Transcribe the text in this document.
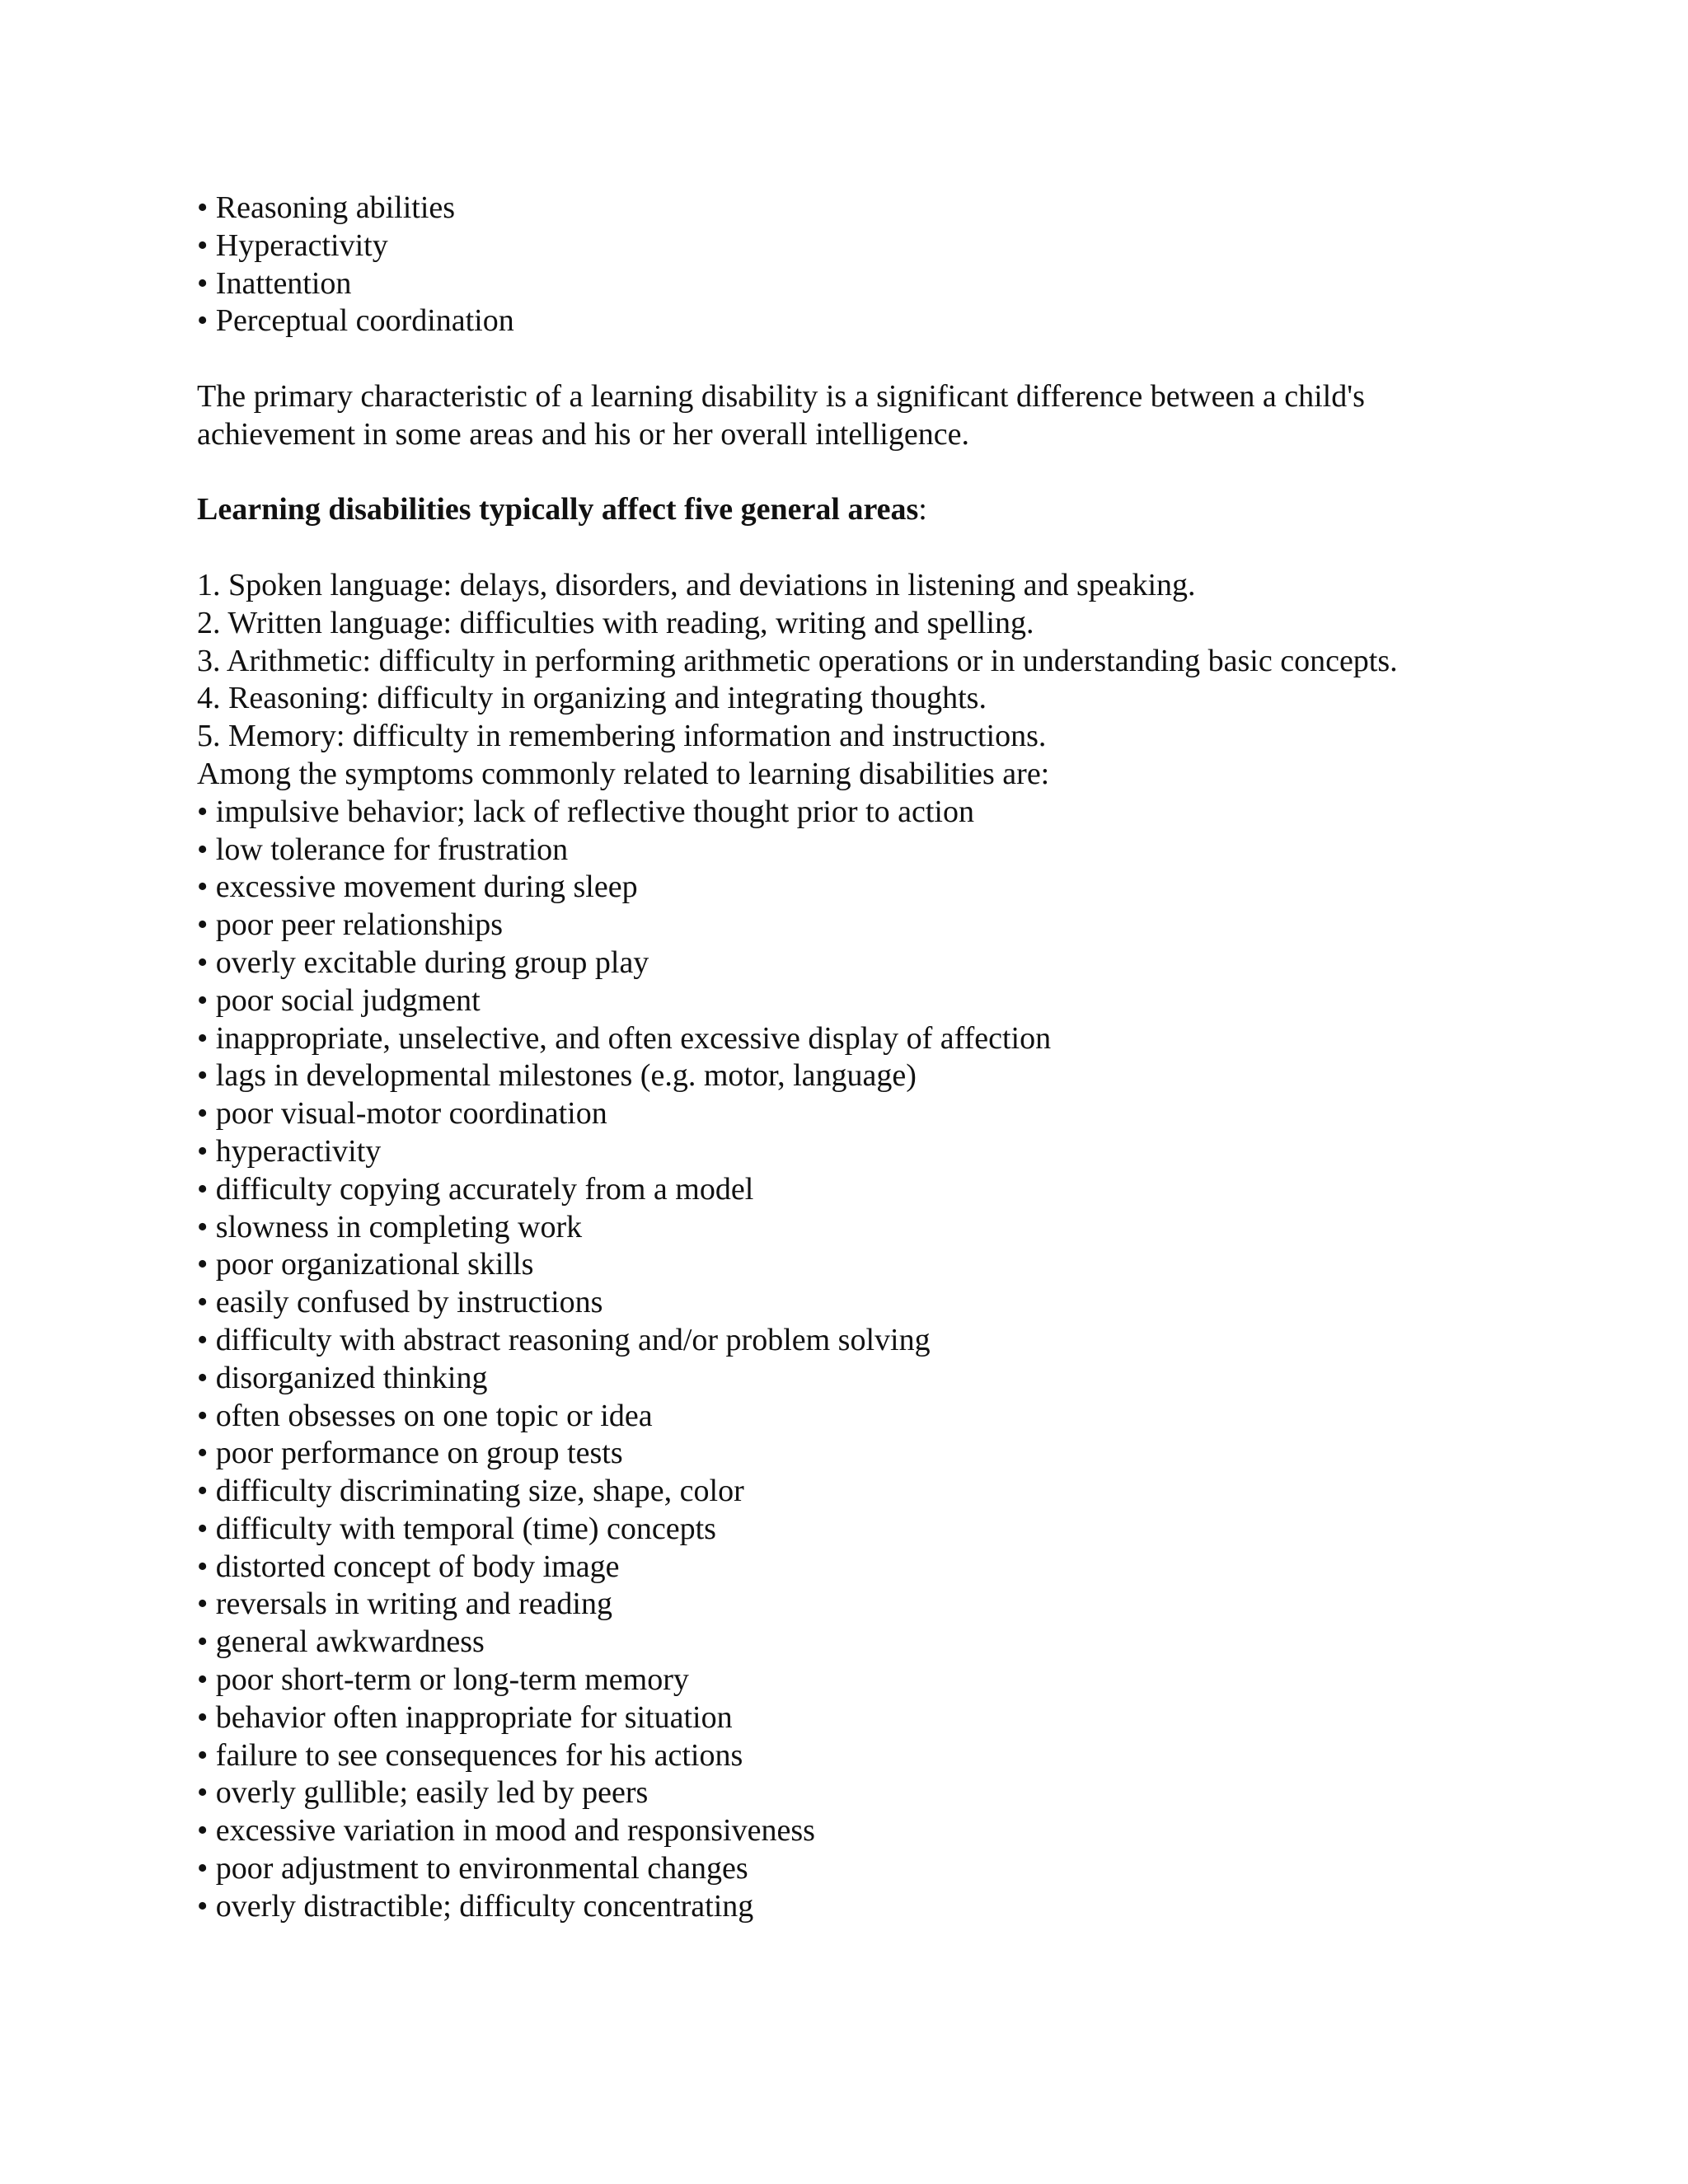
• Reasoning abilities
• Hyperactivity
• Inattention
• Perceptual coordination
The primary characteristic of a learning disability is a significant difference between a child's
achievement in some areas and his or her overall intelligence.
Learning disabilities typically affect five general areas:
1. Spoken language: delays, disorders, and deviations in listening and speaking.
2. Written language: difficulties with reading, writing and spelling.
3. Arithmetic: difficulty in performing arithmetic operations or in understanding basic concepts.
4. Reasoning: difficulty in organizing and integrating thoughts.
5. Memory: difficulty in remembering information and instructions.
Among the symptoms commonly related to learning disabilities are:
• impulsive behavior; lack of reflective thought prior to action
• low tolerance for frustration
• excessive movement during sleep
• poor peer relationships
• overly excitable during group play
• poor social judgment
• inappropriate, unselective, and often excessive display of affection
• lags in developmental milestones (e.g. motor, language)
• poor visual-motor coordination
• hyperactivity
• difficulty copying accurately from a model
• slowness in completing work
• poor organizational skills
• easily confused by instructions
• difficulty with abstract reasoning and/or problem solving
• disorganized thinking
• often obsesses on one topic or idea
• poor performance on group tests
• difficulty discriminating size, shape, color
• difficulty with temporal (time) concepts
• distorted concept of body image
• reversals in writing and reading
• general awkwardness
• poor short-term or long-term memory
• behavior often inappropriate for situation
• failure to see consequences for his actions
• overly gullible; easily led by peers
• excessive variation in mood and responsiveness
• poor adjustment to environmental changes
• overly distractible; difficulty concentrating
